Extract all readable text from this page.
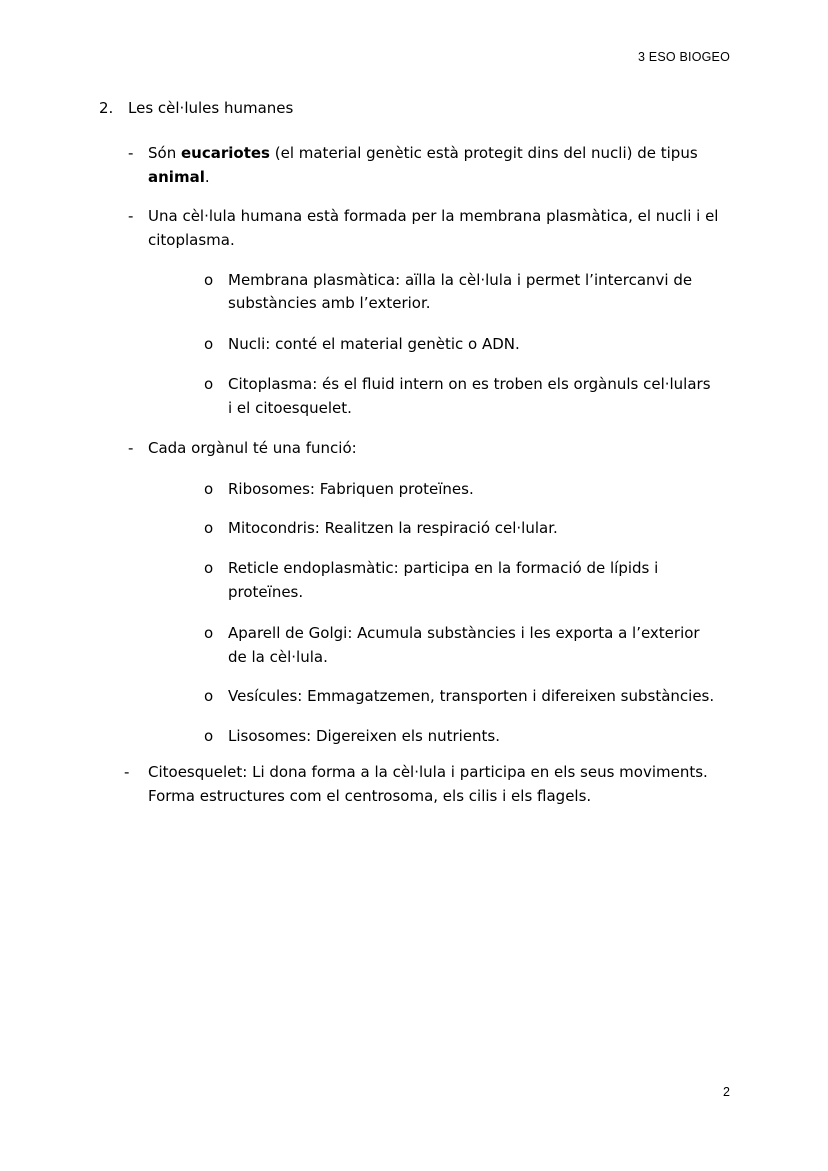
3 ESO BIOGEO
2. Les cèl·lules humanes
- Són eucariotes (el material genètic està protegit dins del nucli) de tipus
animal.
- Una cèl·lula humana està formada per la membrana plasmàtica, el nucli i el
citoplasma.
o Membrana plasmàtica: aïlla la cèl·lula i permet l’intercanvi de
substàncies amb l’exterior.
o Nucli: conté el material genètic o ADN.
o Citoplasma: és el fluid intern on es troben els orgànuls cel·lulars
i el citoesquelet.
- Cada orgànul té una funció:
o Ribosomes: Fabriquen proteïnes.
o Mitocondris: Realitzen la respiració cel·lular.
o Reticle endoplasmàtic: participa en la formació de lípids i
proteïnes.
o Aparell de Golgi: Acumula substàncies i les exporta a l’exterior
de la cèl·lula.
o Vesícules: Emmagatzemen, transporten i difereixen substàncies.
o Lisosomes: Digereixen els nutrients.
- Citoesquelet: Li dona forma a la cèl·lula i participa en els seus moviments.
Forma estructures com el centrosoma, els cilis i els flagels.
2
